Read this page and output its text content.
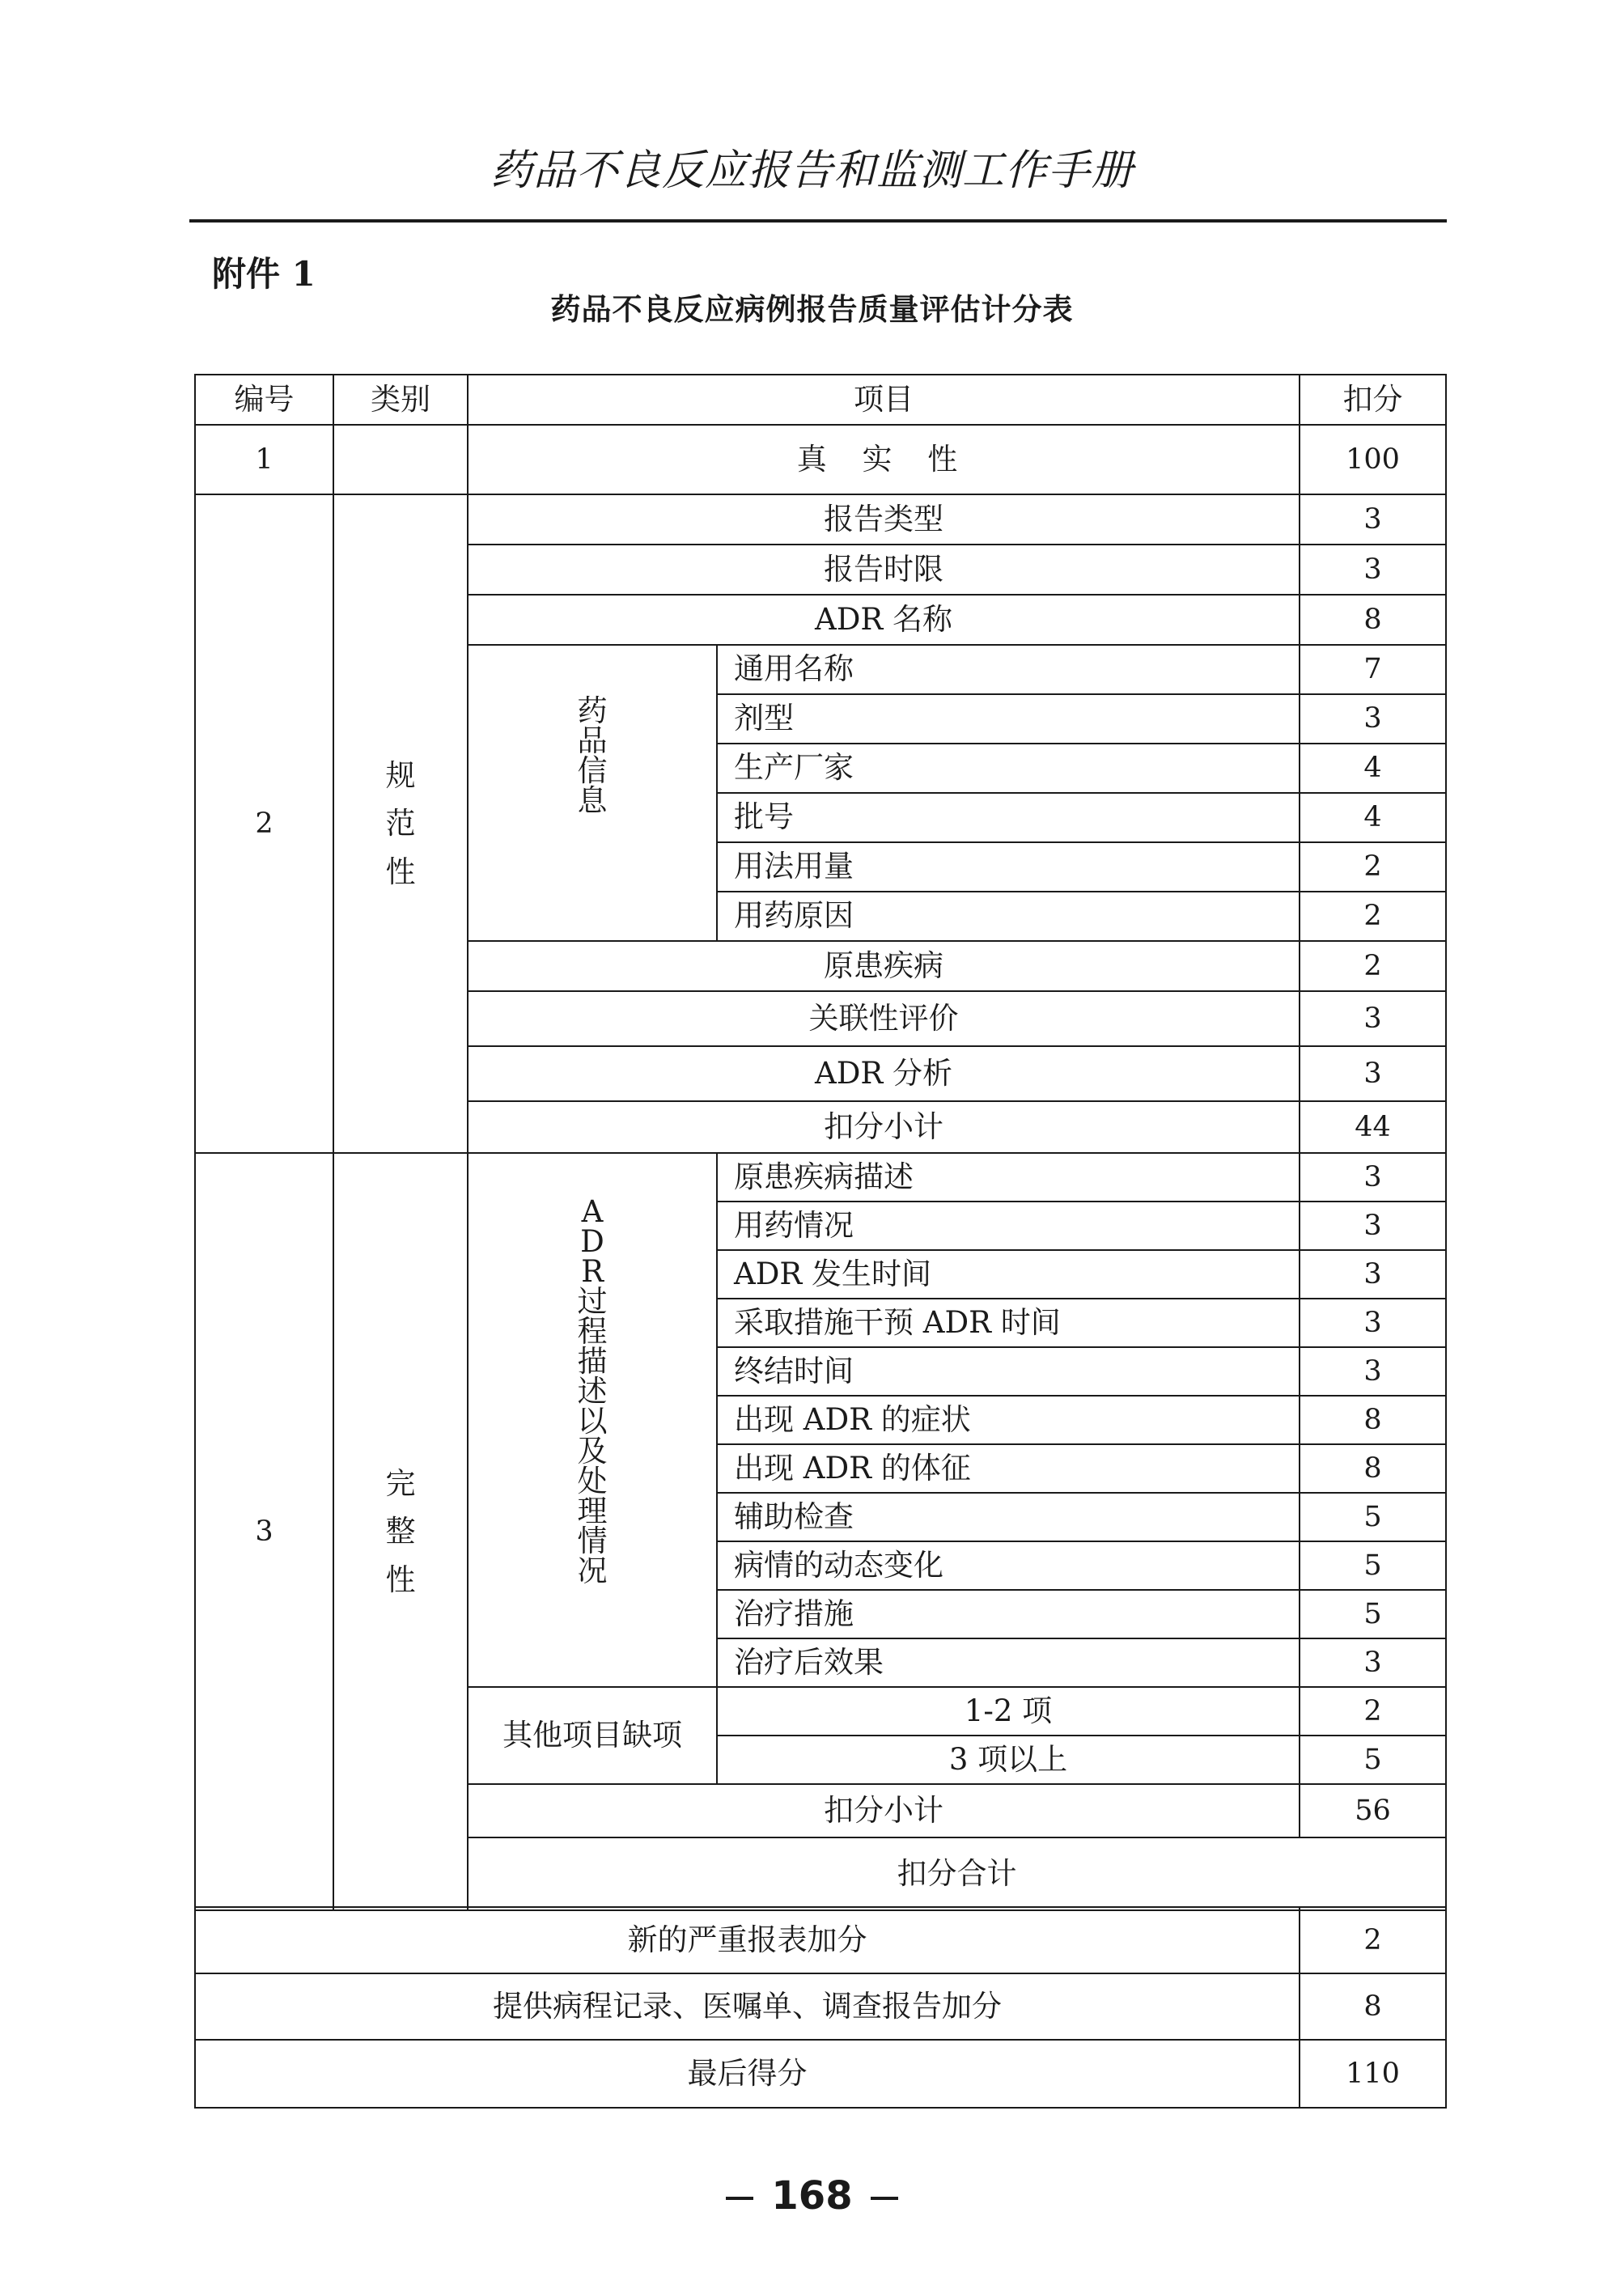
药品不良反应报告和监测工作手册
附件 1
药品不良反应病例报告质量评估计分表
编号	类别	项目		扣分	
1		真 实 性		100	
2	规范性	报告类型		3	
		报告时限		3	
		ADR 名称		8	
		药品信息	通用名称	7	
			剂型	3	
			生产厂家	4	
			批号	4	
			用法用量	2	
			用药原因	2	
		原患疾病		2	
		关联性评价		3	
		ADR 分析		3	
		扣分小计		44	
3	完整性	ADR过程描述以及处理情况	原患疾病描述	3	
			用药情况	3	
			ADR 发生时间	3	
			采取措施干预 ADR 时间	3	
			终结时间	3	
			出现 ADR 的症状	8	
			出现 ADR 的体征	8	
			辅助检查	5	
			病情的动态变化	5	
			治疗措施	5	
			治疗后效果	3	
		其他项目缺项	1-2 项	2	
			3 项以上	5	
		扣分小计		56	
		扣分合计			
新的严重报表加分	2
提供病程记录、医嘱单、调查报告加分	8
最后得分	110
168
